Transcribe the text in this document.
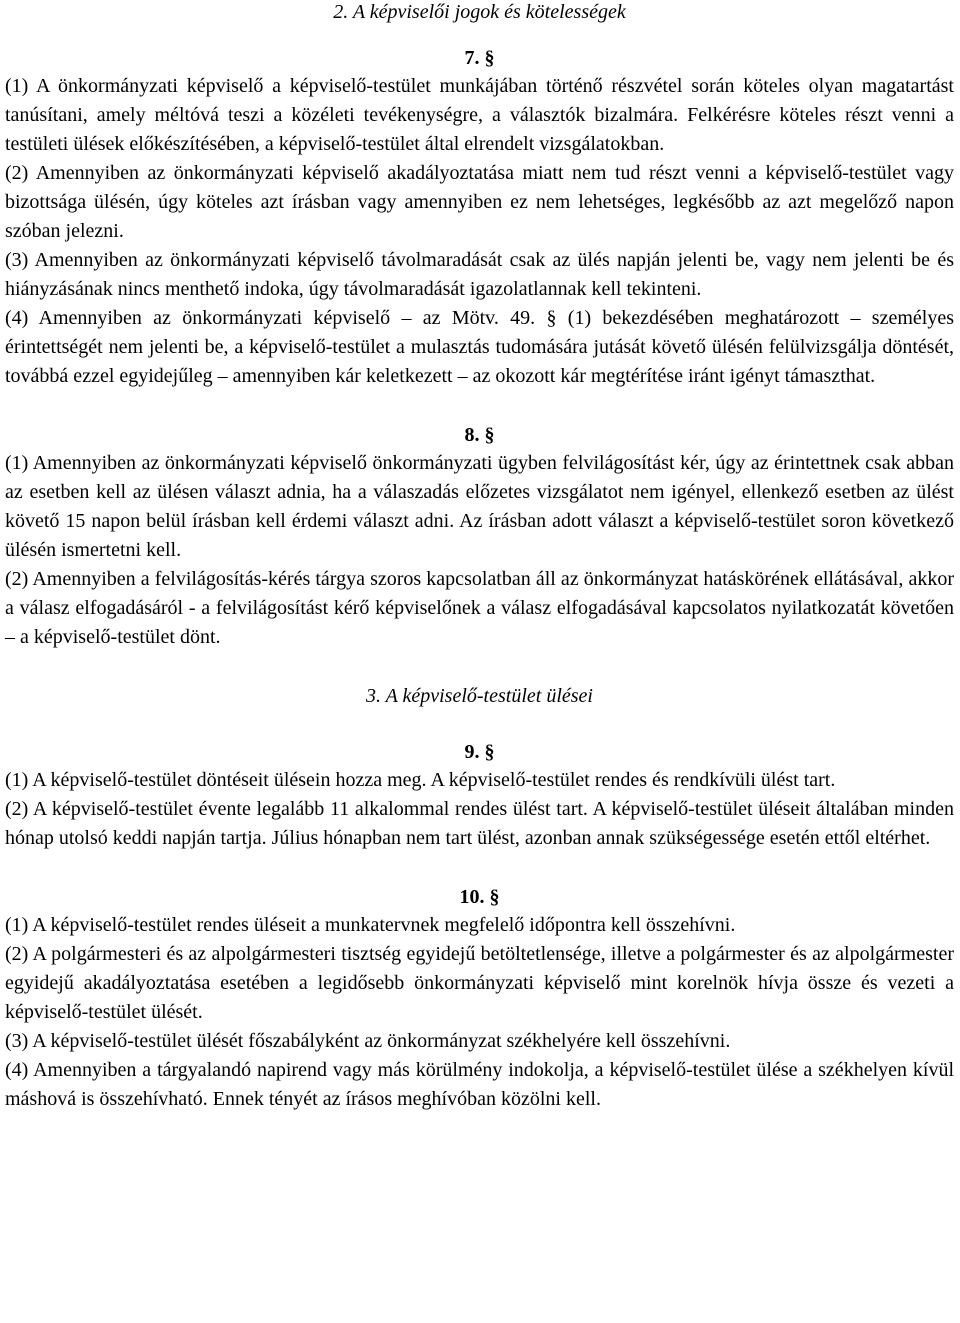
2. A képviselői jogok és kötelességek
7. §

(1) A önkormányzati képviselő a képviselő-testület munkájában történő részvétel során köteles olyan magatartást tanúsítani, amely méltóvá teszi a közéleti tevékenységre, a választók bizalmára. Felkérésre köteles részt venni a testületi ülések előkészítésében, a képviselő-testület által elrendelt vizsgálatokban.

(2) Amennyiben az önkormányzati képviselő akadályoztatása miatt nem tud részt venni a képviselő-testület vagy bizottsága ülésén, úgy köteles azt írásban vagy amennyiben ez nem lehetséges, legkésőbb az azt megelőző napon szóban jelezni.

(3) Amennyiben az önkormányzati képviselő távolmaradását csak az ülés napján jelenti be, vagy nem jelenti be és hiányzásának nincs menthető indoka, úgy távolmaradását igazolatlannak kell tekinteni.

(4) Amennyiben az önkormányzati képviselő – az Mötv. 49. § (1) bekezdésében meghatározott – személyes érintettségét nem jelenti be, a képviselő-testület a mulasztás tudomására jutását követő ülésén felülvizsgálja döntését, továbbá ezzel egyidejűleg – amennyiben kár keletkezett – az okozott kár megtérítése iránt igényt támaszthat.

8. §

(1) Amennyiben az önkormányzati képviselő önkormányzati ügyben felvilágosítást kér, úgy az érintettnek csak abban az esetben kell az ülésen választ adnia, ha a válaszadás előzetes vizsgálatot nem igényel, ellenkező esetben az ülést követő 15 napon belül írásban kell érdemi választ adni. Az írásban adott választ a képviselő-testület soron következő ülésén ismertetni kell.

(2) Amennyiben a felvilágosítás-kérés tárgya szoros kapcsolatban áll az önkormányzat hatáskörének ellátásával, akkor a válasz elfogadásáról - a felvilágosítást kérő képviselőnek a válasz elfogadásával kapcsolatos nyilatkozatát követően – a képviselő-testület dönt.

3. A képviselő-testület ülései
9. §

(1) A képviselő-testület döntéseit ülésein hozza meg. A képviselő-testület rendes és rendkívüli ülést tart.

(2) A képviselő-testület évente legalább 11 alkalommal rendes ülést tart. A képviselő-testület üléseit általában minden hónap utolsó keddi napján tartja. Július hónapban nem tart ülést, azonban annak szükségessége esetén ettől eltérhet.

10. §

(1) A képviselő-testület rendes üléseit a munkatervnek megfelelő időpontra kell összehívni.

(2) A polgármesteri és az alpolgármesteri tisztség egyidejű betöltetlensége, illetve a polgármester és az alpolgármester egyidejű akadályoztatása esetében a legidősebb önkormányzati képviselő mint korelnök hívja össze és vezeti a képviselő-testület ülését.

(3) A képviselő-testület ülését főszabályként az önkormányzat székhelyére kell összehívni.

(4) Amennyiben a tárgyalandó napirend vagy más körülmény indokolja, a képviselő-testület ülése a székhelyen kívül máshová is összehívható. Ennek tényét az írásos meghívóban közölni kell.
